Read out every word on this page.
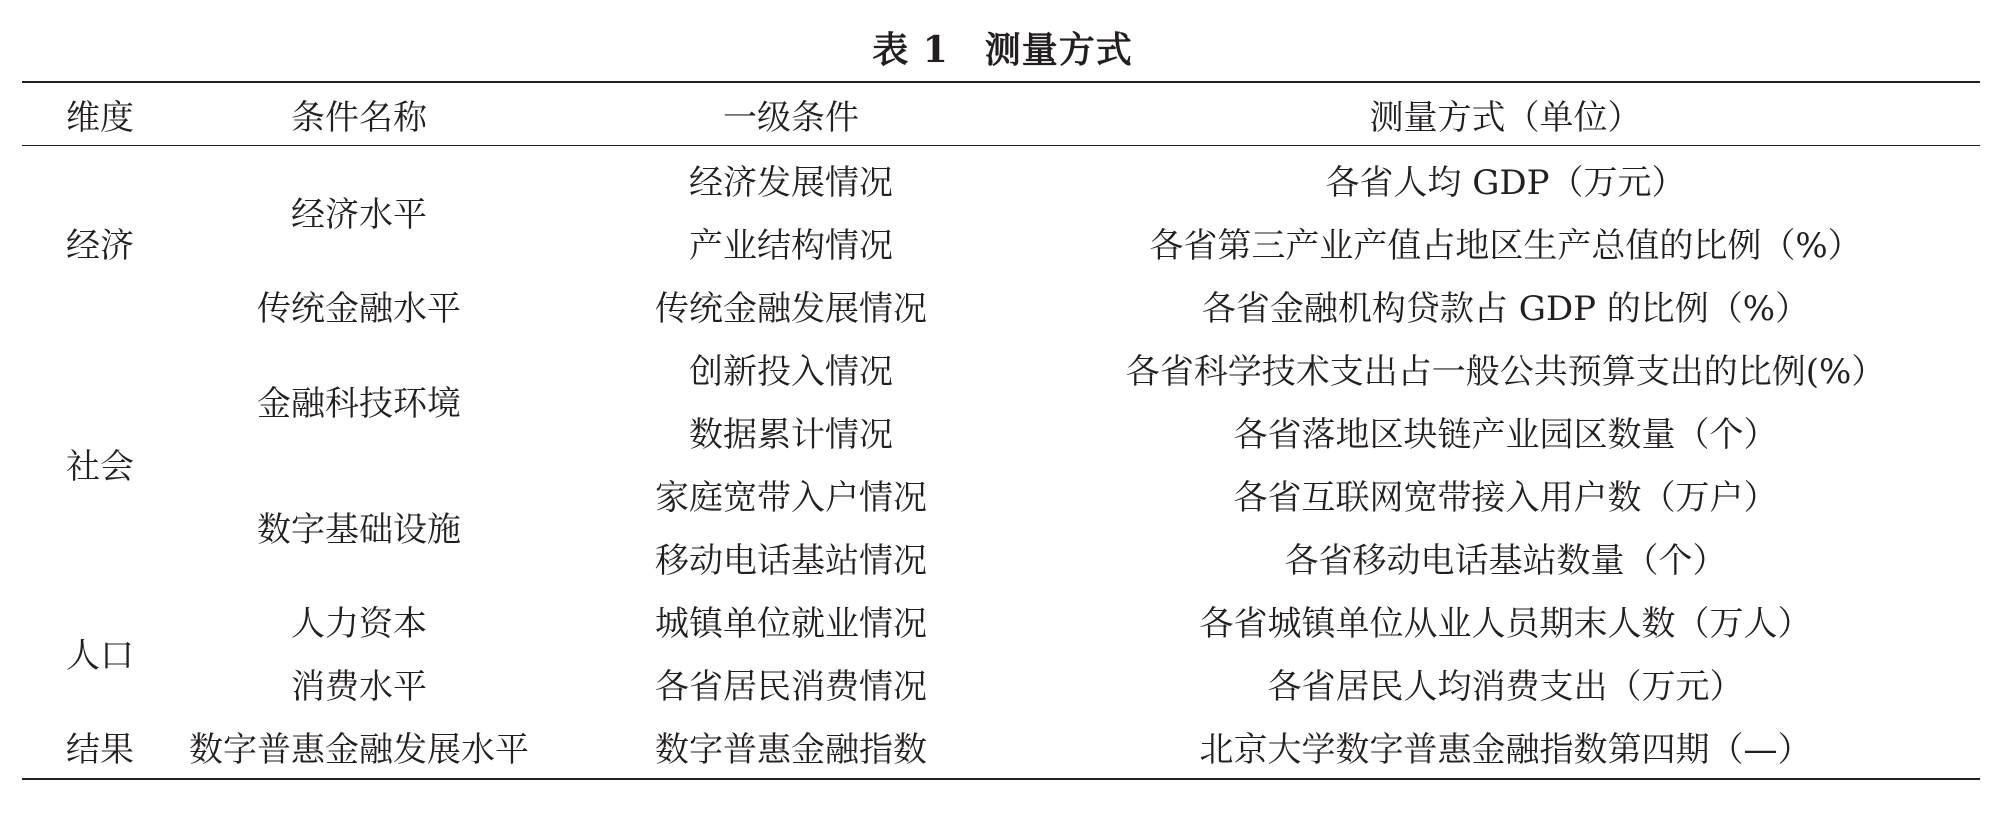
表 1 测量方式
维度	条件名称	一级条件	测量方式（单位）
经济	经济水平	经济发展情况	各省人均 GDP（万元）
		产业结构情况	各省第三产业产值占地区生产总值的比例（%）
	传统金融水平	传统金融发展情况	各省金融机构贷款占 GDP 的比例（%）
社会	金融科技环境	创新投入情况	各省科学技术支出占一般公共预算支出的比例(%）
		数据累计情况	各省落地区块链产业园区数量（个）
	数字基础设施	家庭宽带入户情况	各省互联网宽带接入用户数（万户）
		移动电话基站情况	各省移动电话基站数量（个）
人口	人力资本	城镇单位就业情况	各省城镇单位从业人员期末人数（万人）
	消费水平	各省居民消费情况	各省居民人均消费支出（万元）
结果	数字普惠金融发展水平	数字普惠金融指数	北京大学数字普惠金融指数第四期（—）
